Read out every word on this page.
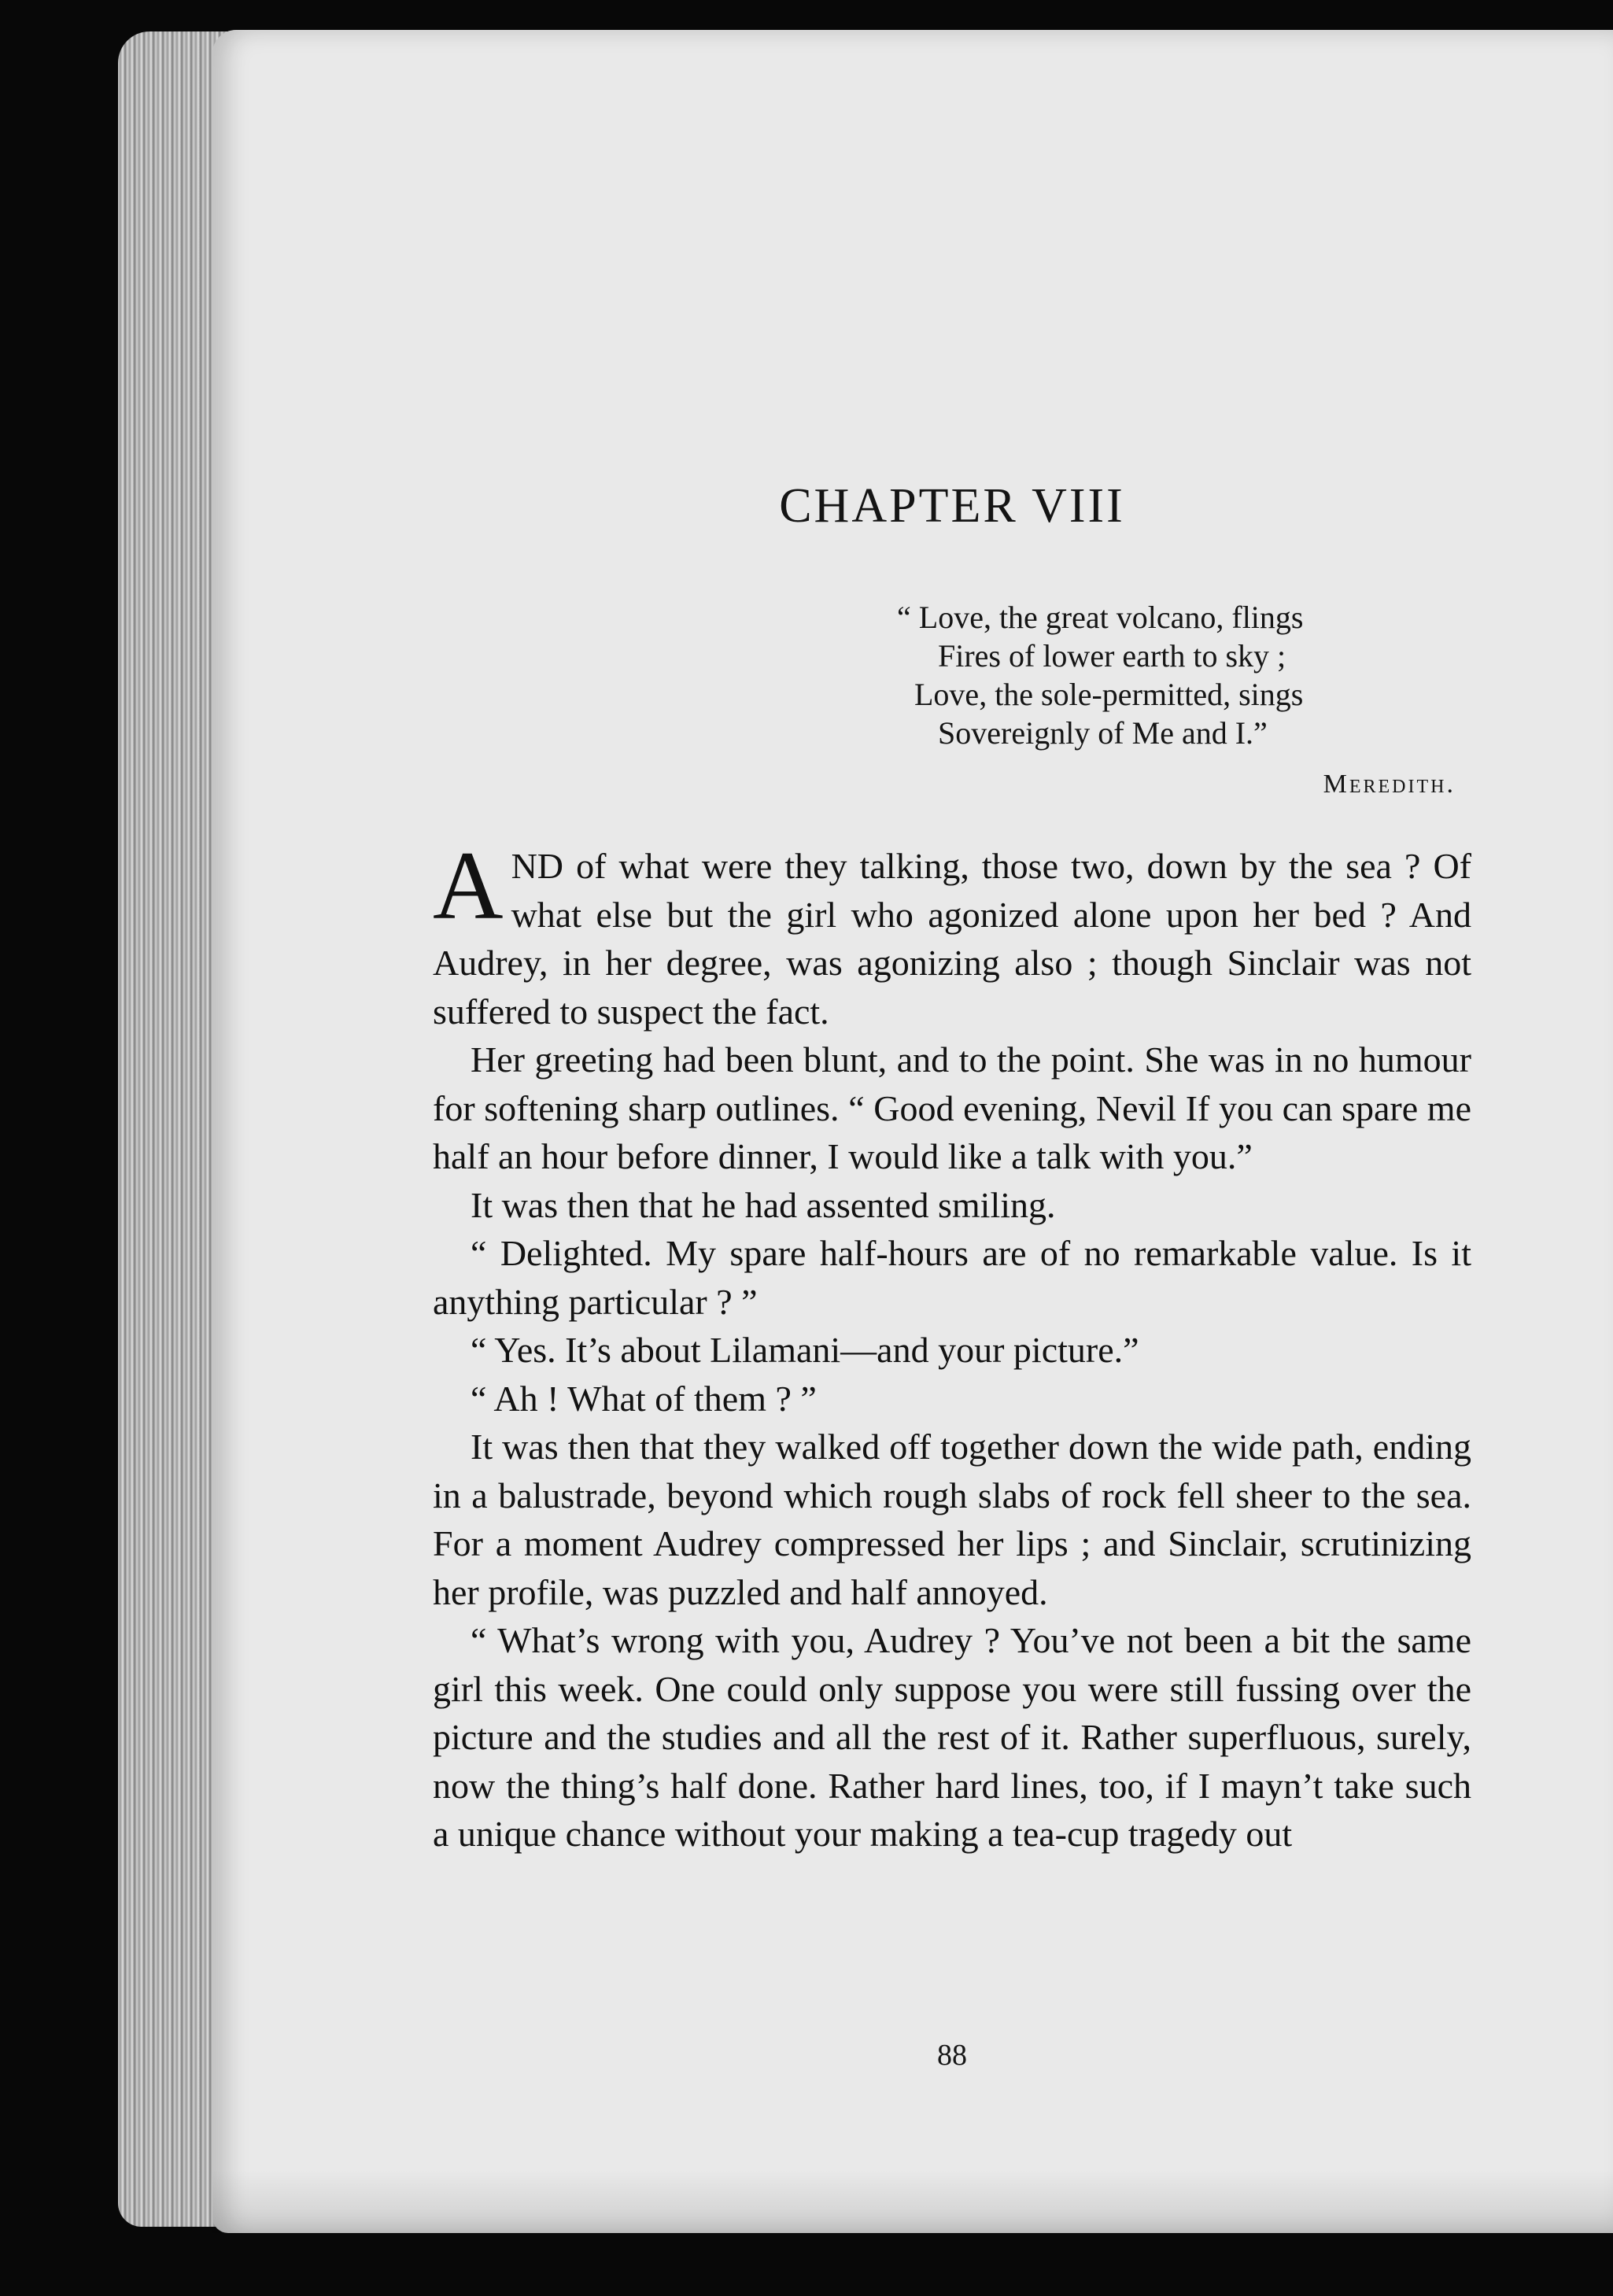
CHAPTER VIII
“ Love, the great volcano, flings
Fires of lower earth to sky ;
Love, the sole-permitted, sings
Sovereignly of Me and I.”
Meredith.

AND of what were they talking, those two, down by the sea ? Of what else but the girl who agonized alone upon her bed ? And Audrey, in her degree, was agonizing also ; though Sinclair was not suffered to suspect the fact.

Her greeting had been blunt, and to the point. She was in no humour for softening sharp outlines. “ Good evening, Nevil If you can spare me half an hour before dinner, I would like a talk with you.”

It was then that he had assented smiling.

“ Delighted. My spare half-hours are of no remarkable value. Is it anything particular ? ”

“ Yes. It’s about Lilamani—and your picture.”

“ Ah ! What of them ? ”

It was then that they walked off together down the wide path, ending in a balustrade, beyond which rough slabs of rock fell sheer to the sea. For a moment Audrey compressed her lips ; and Sinclair, scrutinizing her profile, was puzzled and half annoyed.

“ What’s wrong with you, Audrey ? You’ve not been a bit the same girl this week. One could only suppose you were still fussing over the picture and the studies and all the rest of it. Rather superfluous, surely, now the thing’s half done. Rather hard lines, too, if I mayn’t take such a unique chance without your making a tea-cup tragedy out

88
